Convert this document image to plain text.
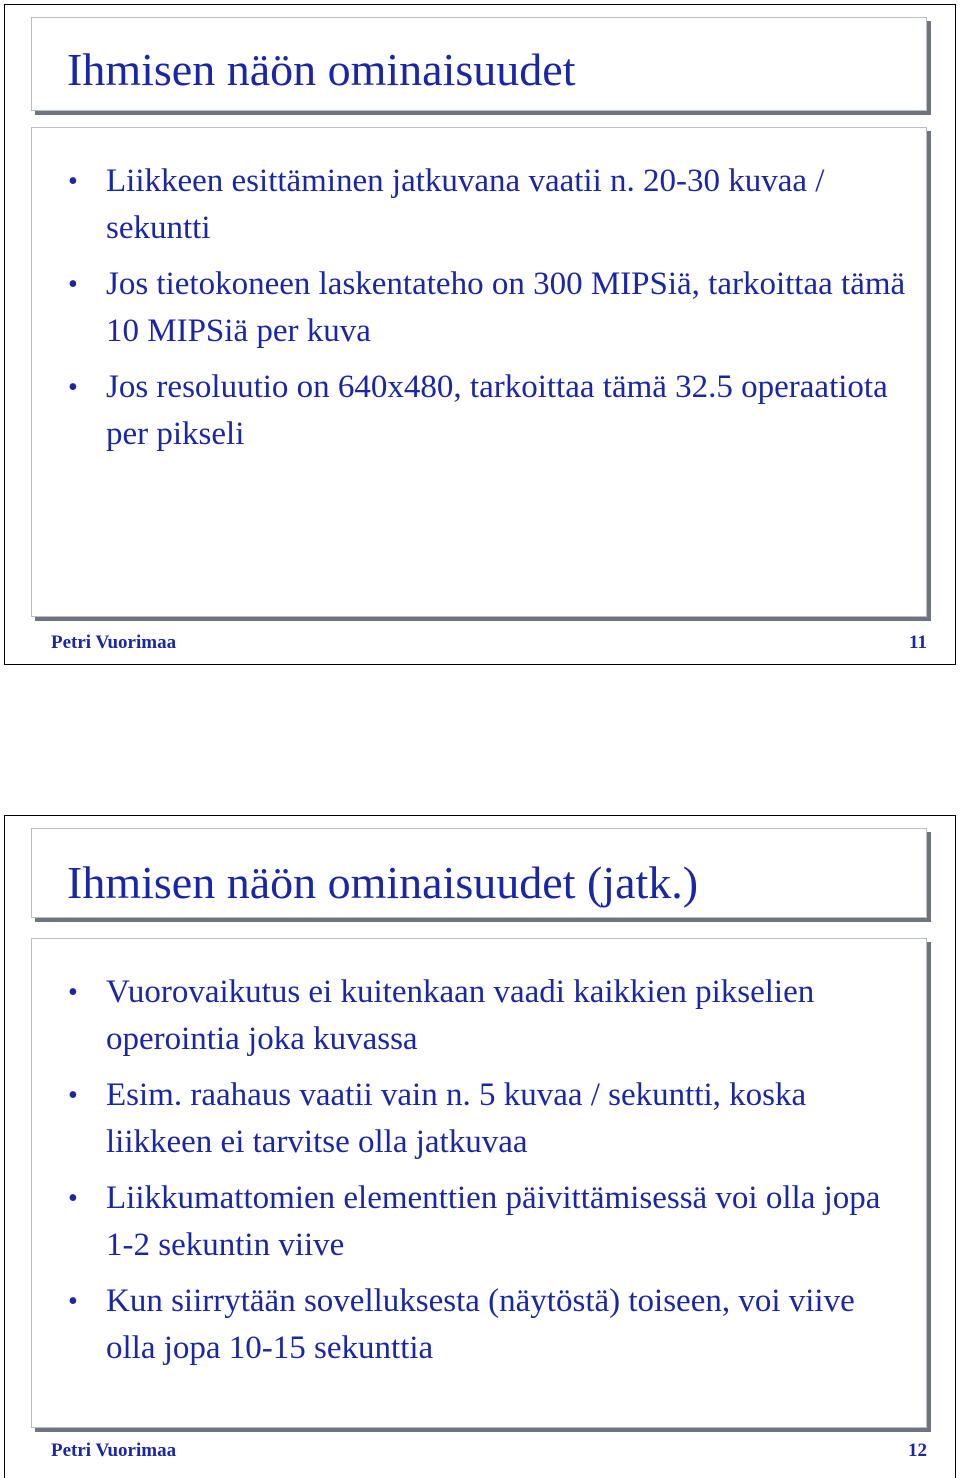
Ihmisen näön ominaisuudet
• Liikkeen esittäminen jatkuvana vaatii n. 20-30 kuvaa / sekuntti
• Jos tietokoneen laskentateho on 300 MIPSiä, tarkoittaa tämä 10 MIPSiä per kuva
• Jos resoluutio on 640x480, tarkoittaa tämä 32.5 operaatiota per pikseli
Petri Vuorimaa	11
Ihmisen näön ominaisuudet (jatk.)
• Vuorovaikutus ei kuitenkaan vaadi kaikkien pikselien operointia joka kuvassa
• Esim. raahaus vaatii vain n. 5 kuvaa / sekuntti, koska liikkeen ei tarvitse olla jatkuvaa
• Liikkumattomien elementtien päivittämisessä voi olla jopa 1-2 sekuntin viive
• Kun siirrytään sovelluksesta (näytöstä) toiseen, voi viive olla jopa 10-15 sekunttia
Petri Vuorimaa	12
